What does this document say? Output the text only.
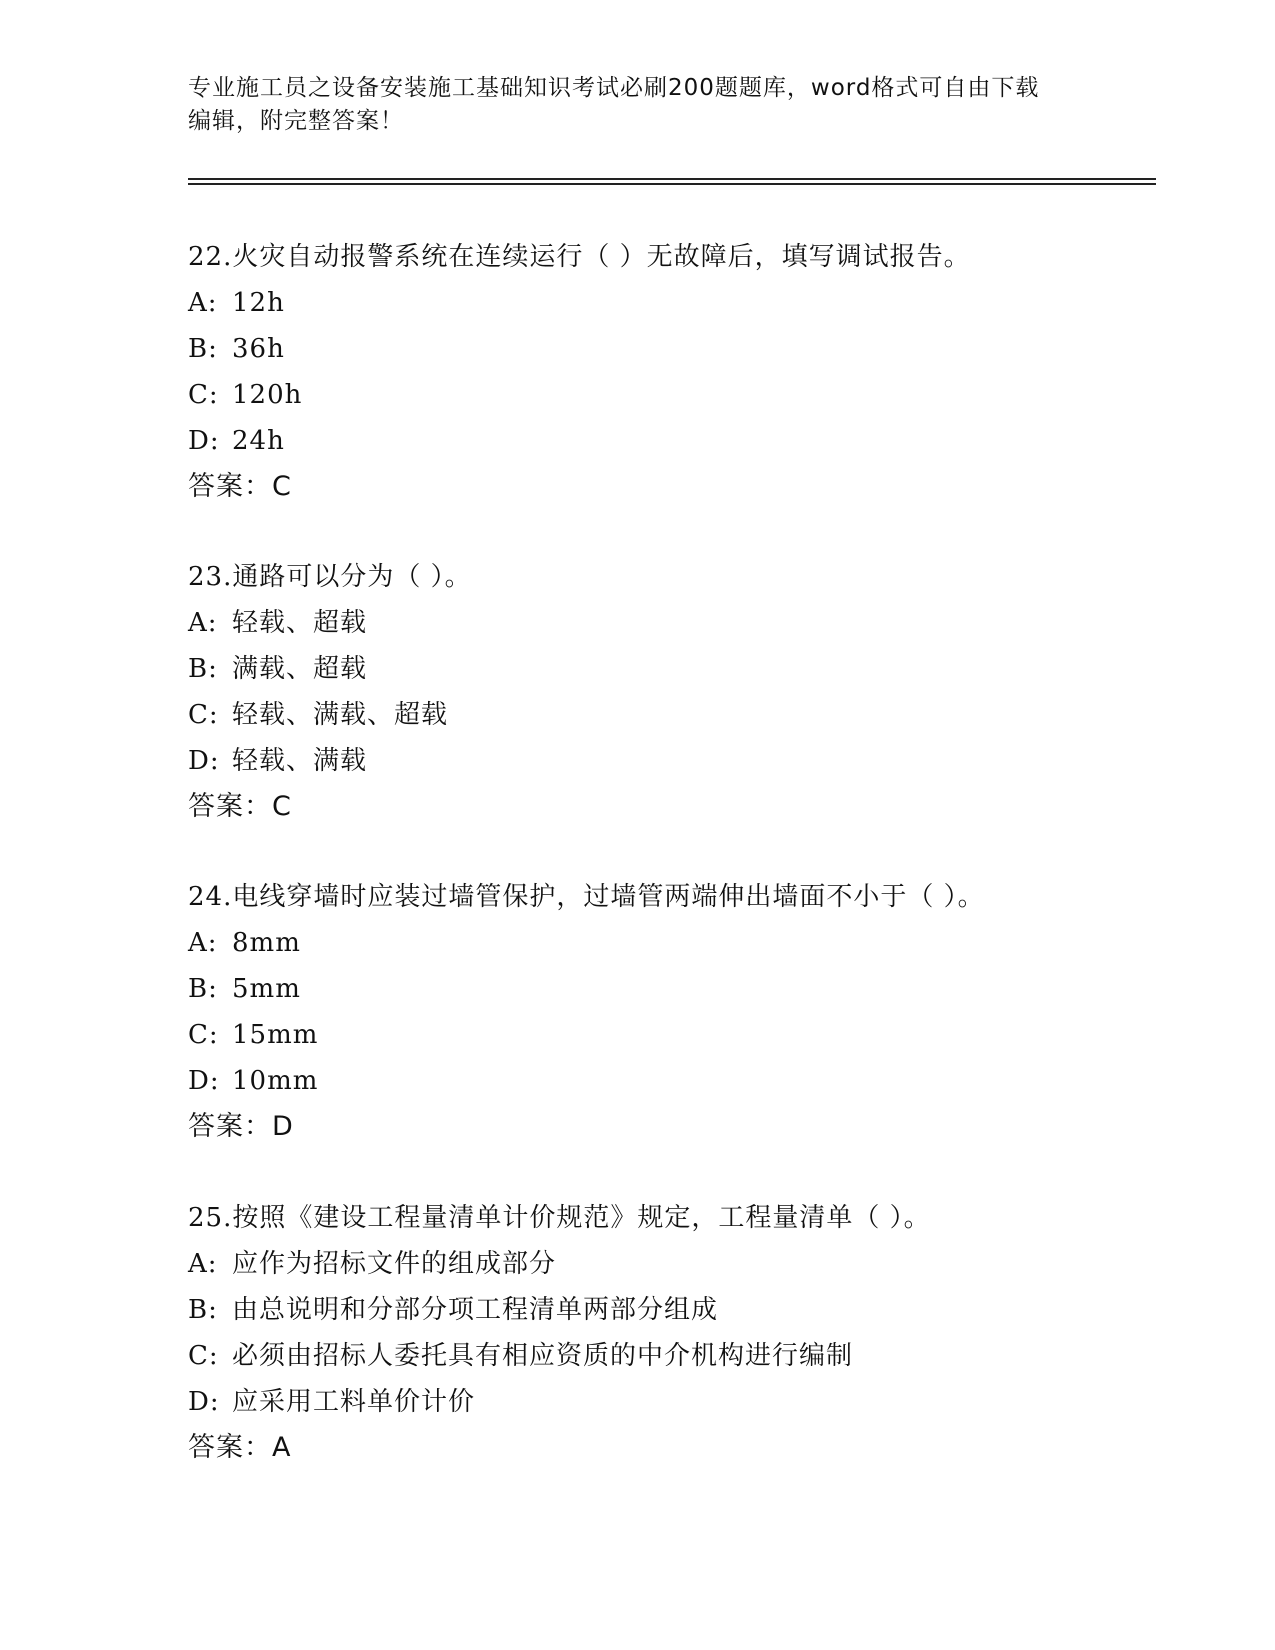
专业施工员之设备安装施工基础知识考试必刷200题题库，word格式可自由下载
编辑，附完整答案！
22.火灾自动报警系统在连续运行（ ）无故障后，填写调试报告。
A: 12h
B: 36h
C: 120h
D: 24h
答案：C
23.通路可以分为（ ）。
A: 轻载、超载
B: 满载、超载
C: 轻载、满载、超载
D: 轻载、满载
答案：C
24.电线穿墙时应装过墙管保护，过墙管两端伸出墙面不小于（ ）。
A: 8mm
B: 5mm
C: 15mm
D: 10mm
答案：D
25.按照《建设工程量清单计价规范》规定，工程量清单（ ）。
A: 应作为招标文件的组成部分
B: 由总说明和分部分项工程清单两部分组成
C: 必须由招标人委托具有相应资质的中介机构进行编制
D: 应采用工料单价计价
答案：A
